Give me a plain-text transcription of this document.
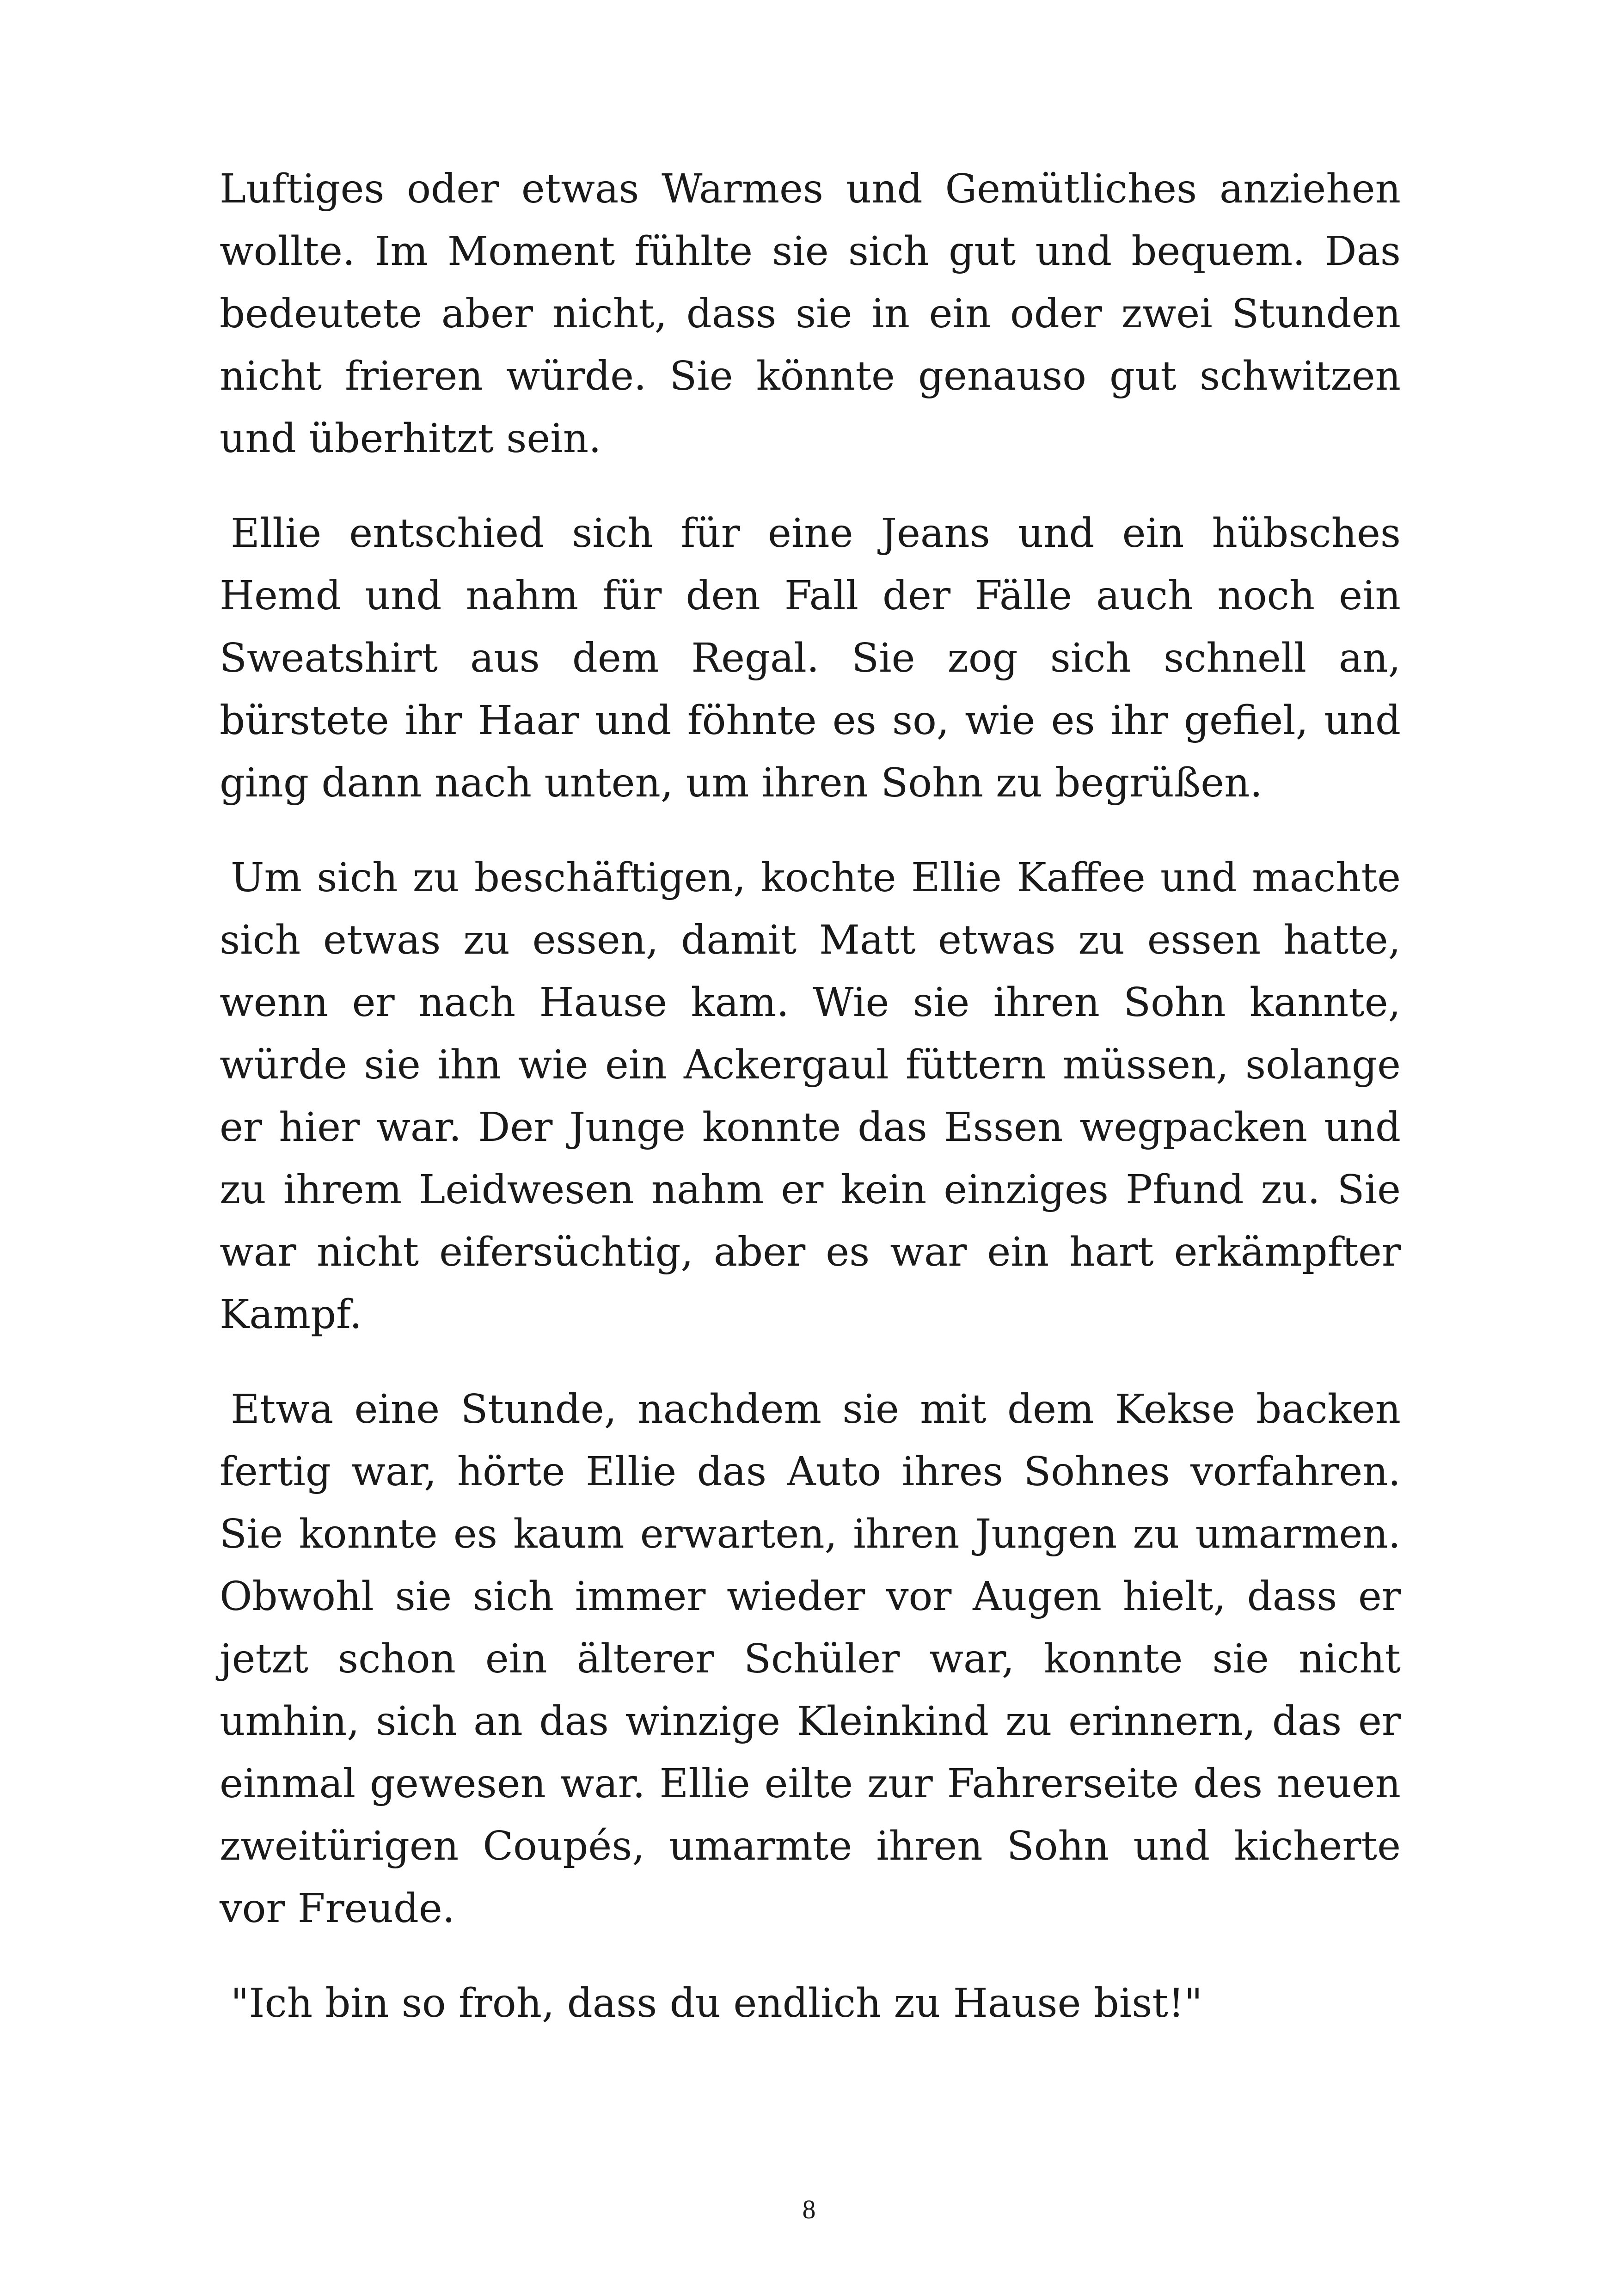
Luftiges oder etwas Warmes und Gemütliches anziehen wollte. Im Moment fühlte sie sich gut und bequem. Das bedeutete aber nicht, dass sie in ein oder zwei Stunden nicht frieren würde. Sie könnte genauso gut schwitzen und überhitzt sein.

Ellie entschied sich für eine Jeans und ein hübsches Hemd und nahm für den Fall der Fälle auch noch ein Sweatshirt aus dem Regal. Sie zog sich schnell an, bürstete ihr Haar und föhnte es so, wie es ihr gefiel, und ging dann nach unten, um ihren Sohn zu begrüßen.

Um sich zu beschäftigen, kochte Ellie Kaffee und machte sich etwas zu essen, damit Matt etwas zu essen hatte, wenn er nach Hause kam. Wie sie ihren Sohn kannte, würde sie ihn wie ein Ackergaul füttern müssen, solange er hier war. Der Junge konnte das Essen wegpacken und zu ihrem Leidwesen nahm er kein einziges Pfund zu. Sie war nicht eifersüchtig, aber es war ein hart erkämpfter Kampf.

Etwa eine Stunde, nachdem sie mit dem Kekse backen fertig war, hörte Ellie das Auto ihres Sohnes vorfahren. Sie konnte es kaum erwarten, ihren Jungen zu umarmen. Obwohl sie sich immer wieder vor Augen hielt, dass er jetzt schon ein älterer Schüler war, konnte sie nicht umhin, sich an das winzige Kleinkind zu erinnern, das er einmal gewesen war. Ellie eilte zur Fahrerseite des neuen zweitürigen Coupés, umarmte ihren Sohn und kicherte vor Freude.

"Ich bin so froh, dass du endlich zu Hause bist!"

8
